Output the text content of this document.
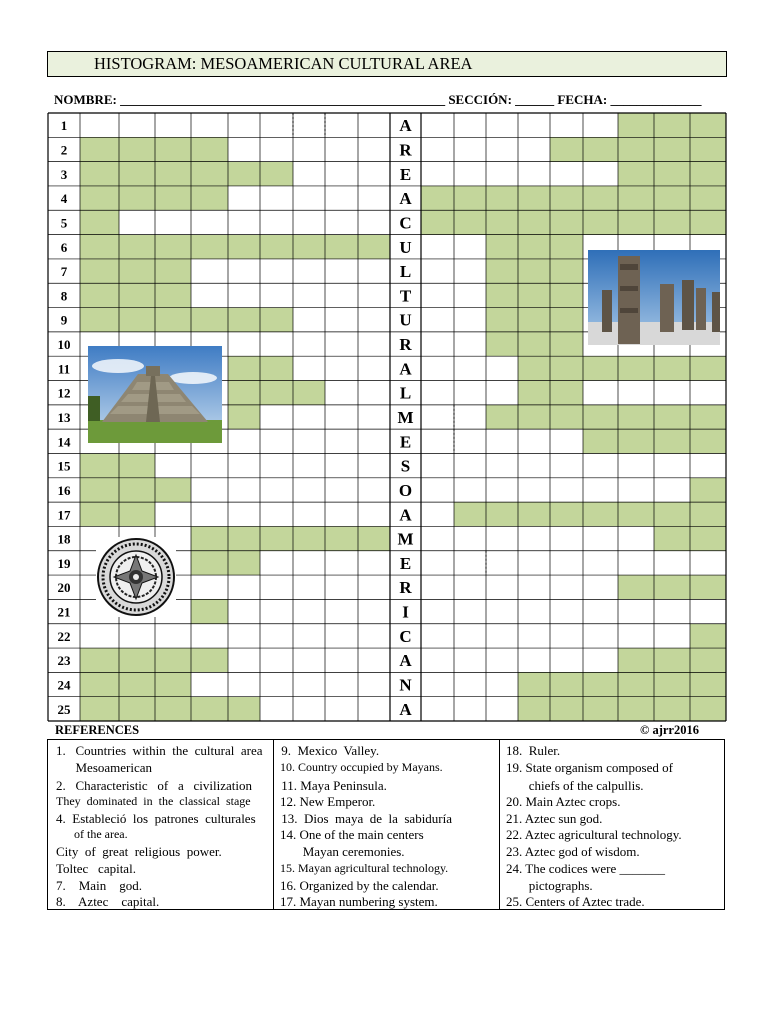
HISTOGRAM: MESOAMERICAN CULTURAL AREA
NOMBRE: __________________________________________________ SECCIÓN: ______ FECHA: ______________
1
2
3
4
5
6
7
8
9
10
11
12
13
14
15
16
17
18
19
20
21
22
23
24
25
A
R
E
A
C
U
L
T
U
R
A
L
M
E
S
O
A
M
E
R
I
C
A
N
A
REFERENCES	© ajrr2016
1.   Countries  within  the  cultural  area
Mesoamerican
2.   Characteristic   of   a   civilization
They  dominated  in  the  classical  stage
4.  Estableció  los  patrones  culturales
of the area.
City  of  great  religious  power.
Toltec   capital.
7.    Main    god.
8.    Aztec    capital.
9.  Mexico  Valley.
10. Country occupied by Mayans.
11. Maya Peninsula.
12. New Emperor.
13.  Dios  maya  de  la  sabiduría
14. One of the main centers
Mayan ceremonies.
15. Mayan agricultural technology.
16. Organized by the calendar.
17. Mayan numbering system.
18.  Ruler.
19. State organism composed of
chiefs of the calpullis.
20. Main Aztec crops.
21. Aztec sun god.
22. Aztec agricultural technology.
23. Aztec god of wisdom.
24. The codices were _______
pictographs.
25. Centers of Aztec trade.
